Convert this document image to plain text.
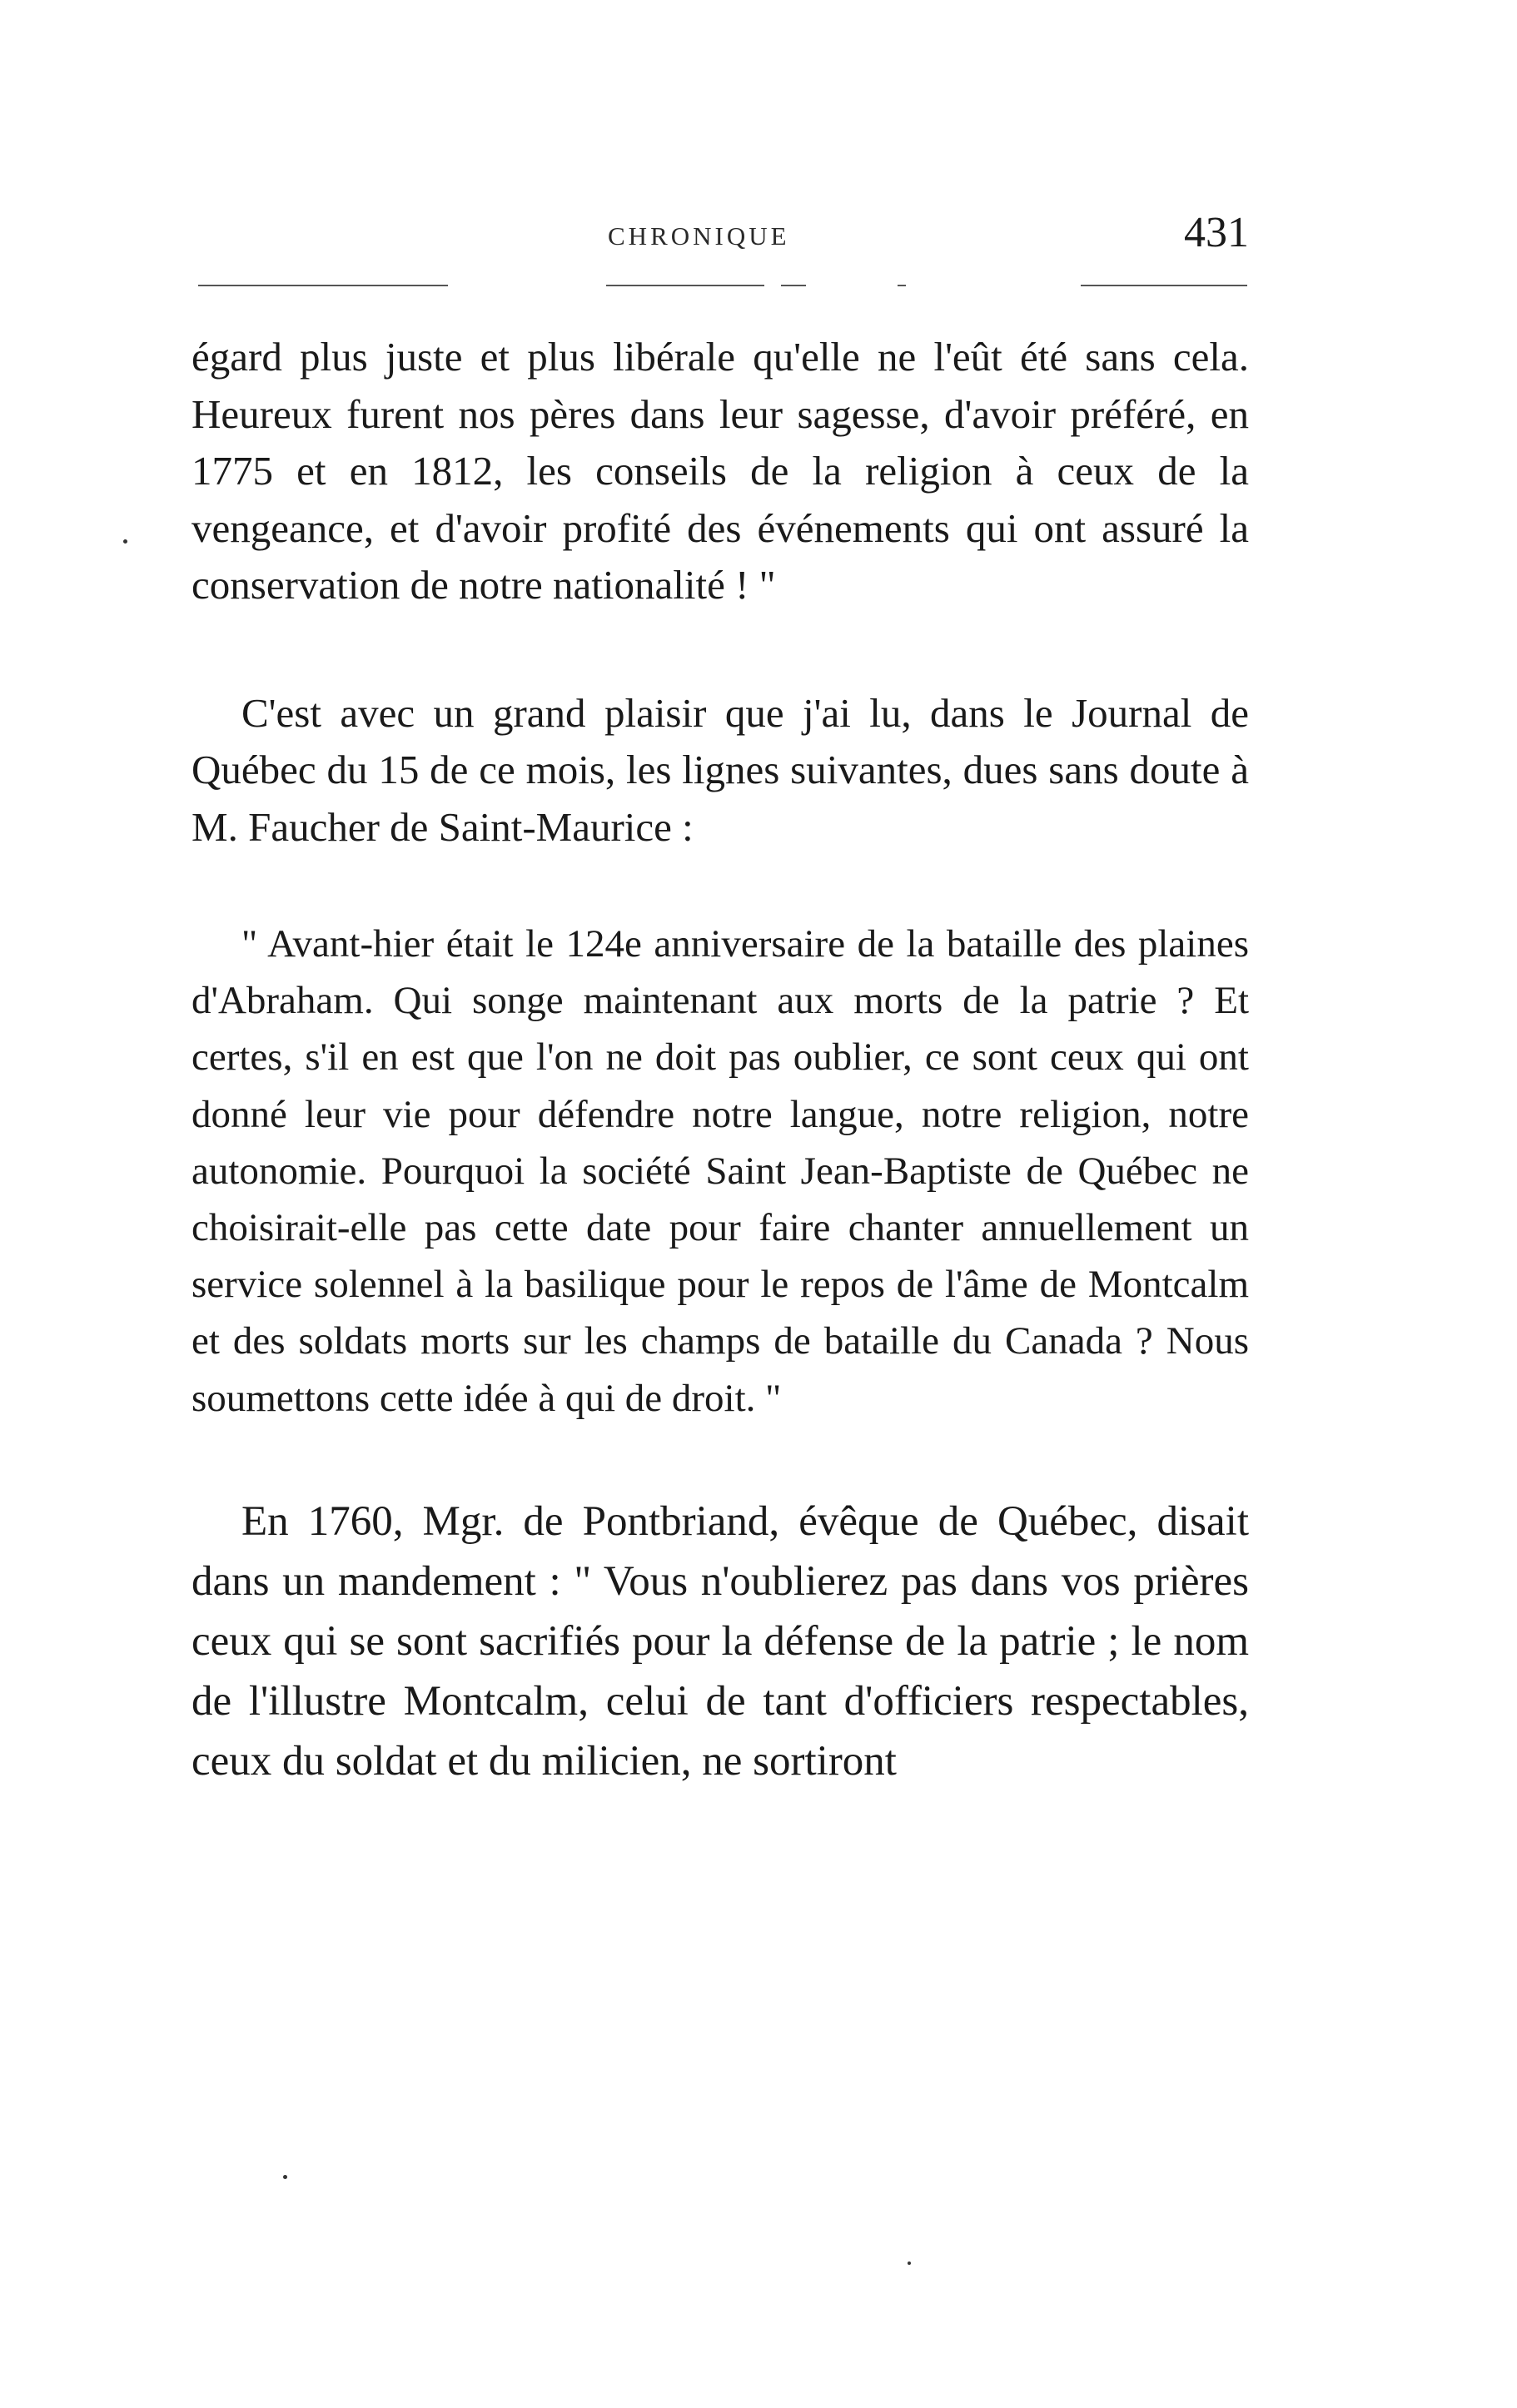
CHRONIQUE	431

égard plus juste et plus libérale qu'elle ne l'eût été sans cela. Heureux furent nos pères dans leur sagesse, d'avoir préféré, en 1775 et en 1812, les conseils de la religion à ceux de la vengeance, et d'avoir profité des événements qui ont assuré la conservation de notre nationalité ! "

C'est avec un grand plaisir que j'ai lu, dans le Journal de Québec du 15 de ce mois, les lignes suivantes, dues sans doute à M. Faucher de Saint-Maurice :

" Avant-hier était le 124e anniversaire de la bataille des plaines d'Abraham. Qui songe maintenant aux morts de la patrie ? Et certes, s'il en est que l'on ne doit pas oublier, ce sont ceux qui ont donné leur vie pour défendre notre langue, notre religion, notre autonomie. Pourquoi la société Saint Jean-Baptiste de Québec ne choisirait-elle pas cette date pour faire chanter annuellement un service solennel à la basilique pour le repos de l'âme de Montcalm et des soldats morts sur les champs de bataille du Canada ? Nous soumettons cette idée à qui de droit. "

En 1760, Mgr. de Pontbriand, évêque de Québec, disait dans un mandement : " Vous n'oublierez pas dans vos prières ceux qui se sont sacrifiés pour la défense de la patrie ; le nom de l'illustre Montcalm, celui de tant d'officiers respectables, ceux du soldat et du milicien, ne sortiront
